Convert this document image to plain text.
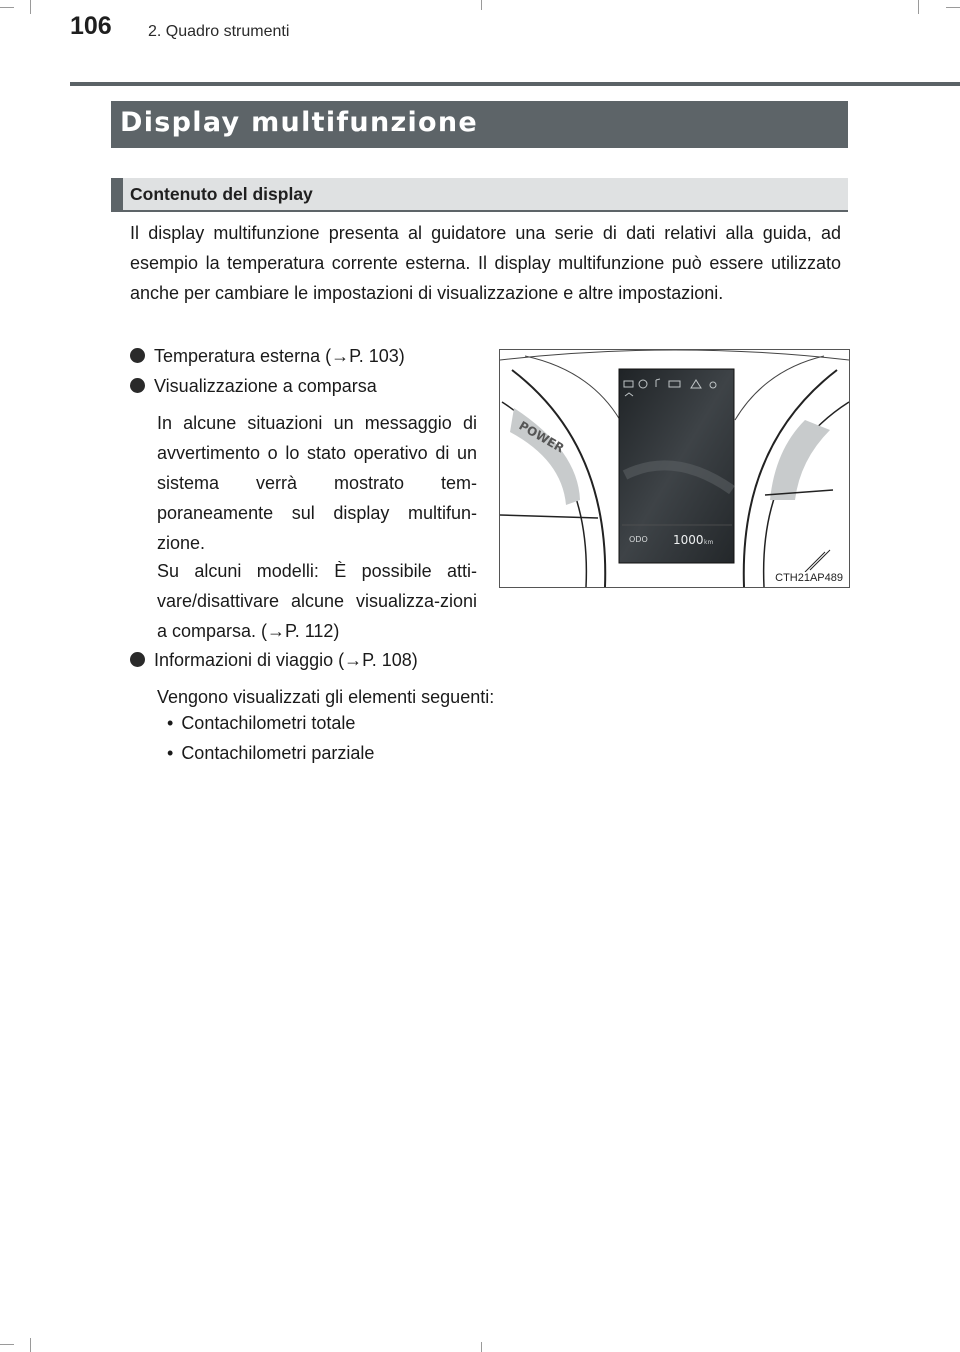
106 2. Quadro strumenti
Display multifunzione
Contenuto del display

Il display multifunzione presenta al guidatore una serie di dati relativi alla guida, ad esempio la temperatura corrente esterna. Il display multifunzione può essere utilizzato anche per cambiare le impostazioni di visualizzazione e altre impostazioni.

Temperatura esterna (→P. 103)
Visualizzazione a comparsa

In alcune situazioni un messaggio di avvertimento o lo stato operativo di un sistema verrà mostrato tem-poraneamente sul display multifun-zione.

Su alcuni modelli: È possibile atti-vare/disattivare alcune visualizza-zioni a comparsa. (→P. 112)

Informazioni di viaggio (→P. 108)
Vengono visualizzati gli elementi seguenti:
• Contachilometri totale
• Contachilometri parziale
POWER
ODO 1000 km
CTH21AP489
